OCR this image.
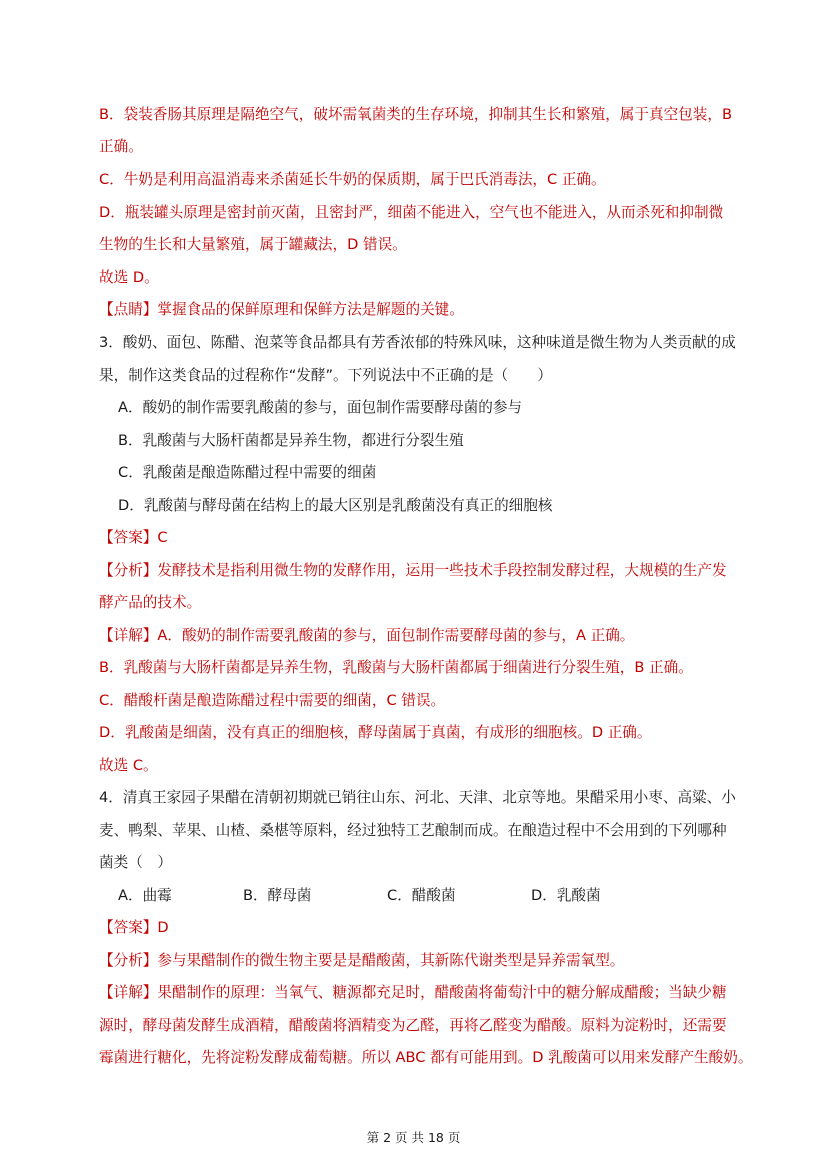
B．袋装香肠其原理是隔绝空气，破坏需氧菌类的生存环境，抑制其生长和繁殖，属于真空包装，B
正确。
C．牛奶是利用高温消毒来杀菌延长牛奶的保质期，属于巴氏消毒法，C 正确。
D．瓶装罐头原理是密封前灭菌，且密封严，细菌不能进入，空气也不能进入，从而杀死和抑制微
生物的生长和大量繁殖，属于罐藏法，D 错误。
故选 D。
【点睛】掌握食品的保鲜原理和保鲜方法是解题的关键。
3．酸奶、面包、陈醋、泡菜等食品都具有芳香浓郁的特殊风味，这种味道是微生物为人类贡献的成
果，制作这类食品的过程称作“发酵”。下列说法中不正确的是（　　）
A．酸奶的制作需要乳酸菌的参与，面包制作需要酵母菌的参与
B．乳酸菌与大肠杆菌都是异养生物，都进行分裂生殖
C．乳酸菌是酿造陈醋过程中需要的细菌
D．乳酸菌与酵母菌在结构上的最大区别是乳酸菌没有真正的细胞核
【答案】C
【分析】发酵技术是指利用微生物的发酵作用，运用一些技术手段控制发酵过程，大规模的生产发
酵产品的技术。
【详解】A．酸奶的制作需要乳酸菌的参与，面包制作需要酵母菌的参与，A 正确。
B．乳酸菌与大肠杆菌都是异养生物，乳酸菌与大肠杆菌都属于细菌进行分裂生殖，B 正确。
C．醋酸杆菌是酿造陈醋过程中需要的细菌，C 错误。
D．乳酸菌是细菌，没有真正的细胞核，酵母菌属于真菌，有成形的细胞核。D 正确。
故选 C。
4．清真王家园子果醋在清朝初期就已销往山东、河北、天津、北京等地。果醋采用小枣、高粱、小
麦、鸭梨、苹果、山楂、桑椹等原料，经过独特工艺酿制而成。在酿造过程中不会用到的下列哪种
菌类（　）
A．曲霉	B．酵母菌	C．醋酸菌	D．乳酸菌
【答案】D
【分析】参与果醋制作的微生物主要是是醋酸菌，其新陈代谢类型是异养需氧型。
【详解】果醋制作的原理：当氧气、糖源都充足时，醋酸菌将葡萄汁中的糖分解成醋酸；当缺少糖
源时，酵母菌发酵生成酒精，醋酸菌将酒精变为乙醛，再将乙醛变为醋酸。原料为淀粉时，还需要
霉菌进行糖化，先将淀粉发酵成葡萄糖。所以 ABC 都有可能用到。D 乳酸菌可以用来发酵产生酸奶。
第 2 页 共 18 页
